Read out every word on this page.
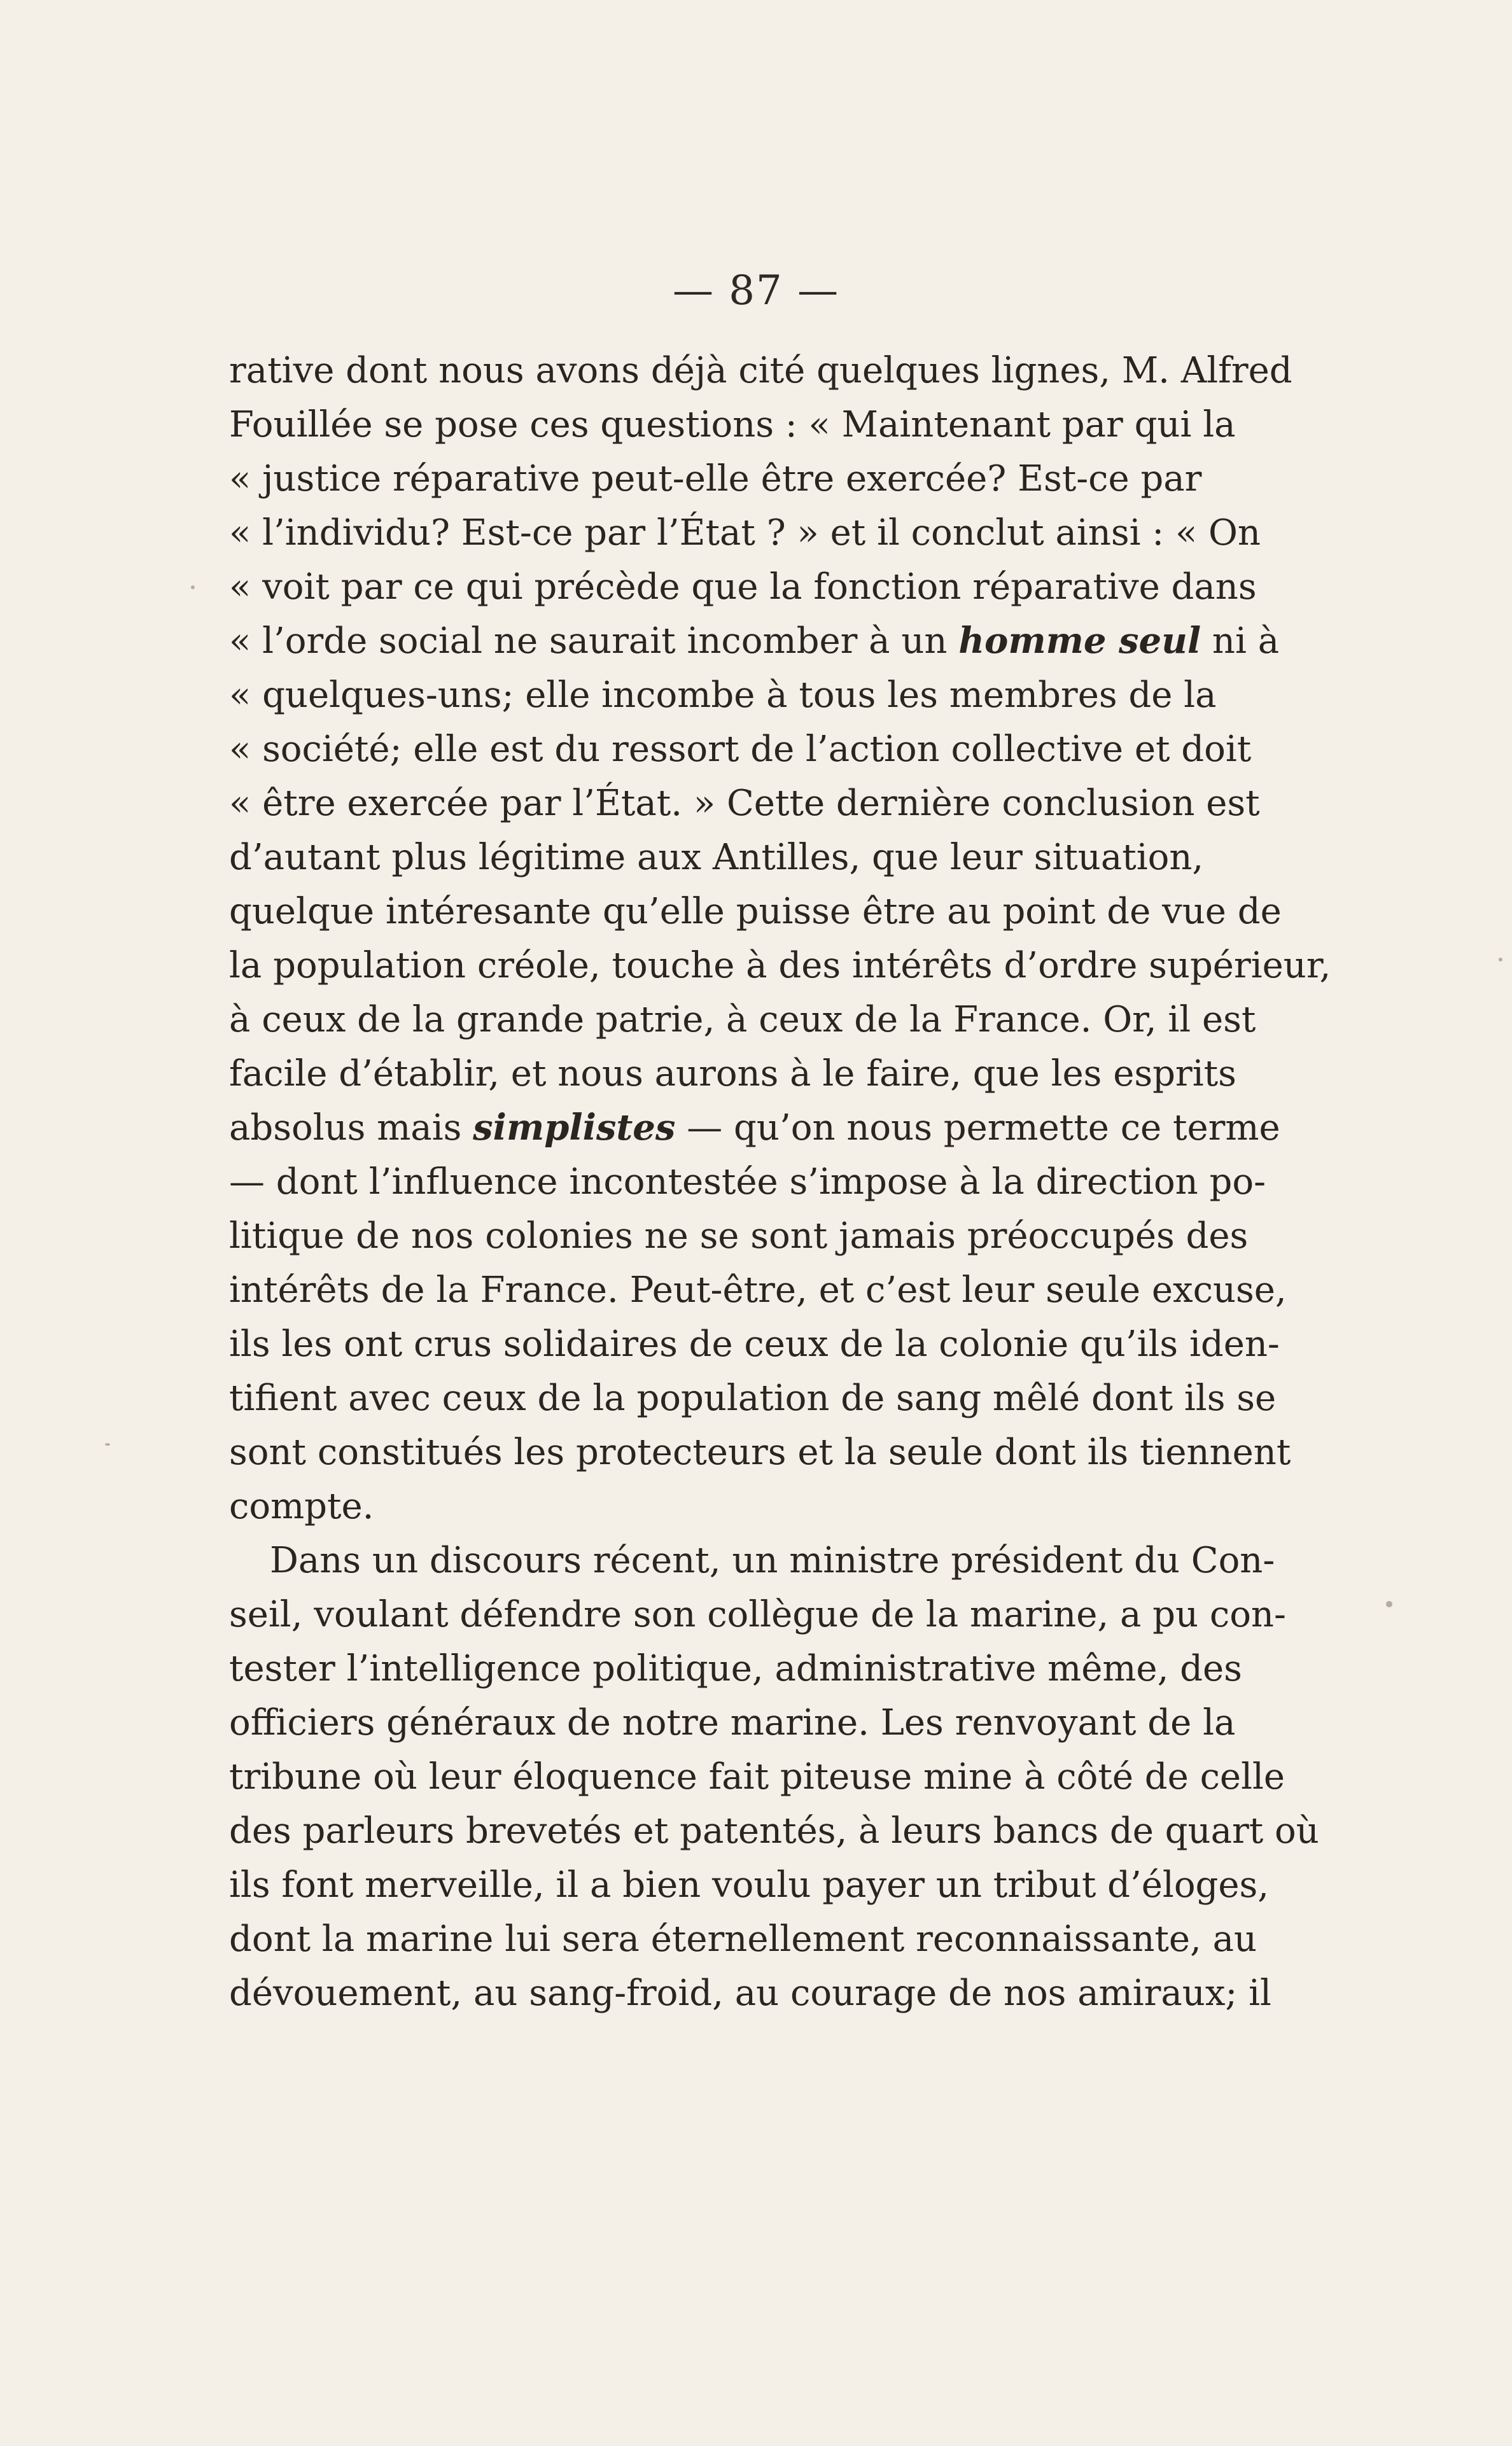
— 87 —
rative dont nous avons déjà cité quelques lignes, M. Alfred
Fouillée se pose ces questions : « Maintenant par qui la
« justice réparative peut-elle être exercée? Est-ce par
« l’individu? Est-ce par l’État ? » et il conclut ainsi : « On
« voit par ce qui précède que la fonction réparative dans
« l’orde social ne saurait incomber à un homme seul ni à
« quelques-uns; elle incombe à tous les membres de la
« société; elle est du ressort de l’action collective et doit
« être exercée par l’État. » Cette dernière conclusion est
d’autant plus légitime aux Antilles, que leur situation,
quelque intéresante qu’elle puisse être au point de vue de
la population créole, touche à des intérêts d’ordre supérieur,
à ceux de la grande patrie, à ceux de la France. Or, il est
facile d’établir, et nous aurons à le faire, que les esprits
absolus mais simplistes — qu’on nous permette ce terme
— dont l’influence incontestée s’impose à la direction po-
litique de nos colonies ne se sont jamais préoccupés des
intérêts de la France. Peut-être, et c’est leur seule excuse,
ils les ont crus solidaires de ceux de la colonie qu’ils iden-
tifient avec ceux de la population de sang mêlé dont ils se
sont constitués les protecteurs et la seule dont ils tiennent
compte.
Dans un discours récent, un ministre président du Con-
seil, voulant défendre son collègue de la marine, a pu con-
tester l’intelligence politique, administrative même, des
officiers généraux de notre marine. Les renvoyant de la
tribune où leur éloquence fait piteuse mine à côté de celle
des parleurs brevetés et patentés, à leurs bancs de quart où
ils font merveille, il a bien voulu payer un tribut d’éloges,
dont la marine lui sera éternellement reconnaissante, au
dévouement, au sang-froid, au courage de nos amiraux; il
